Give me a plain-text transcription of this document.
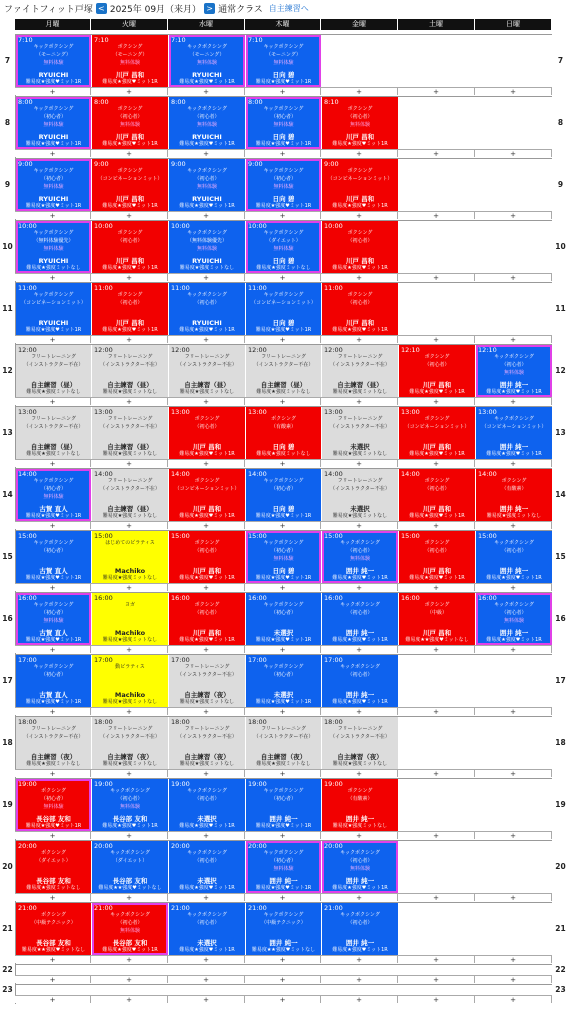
ファイトフィット戸塚 < 2025年 09月（来月） > 通常クラス 自主練習へ
月曜	火曜	水曜	木曜	金曜	土曜	日曜
7	7
7:10
キックボクシング
（モーニング）
無料体験
RYUICHI
難易度★強度♥ミット1R
+
7:10
ボクシング
（モーニング）
無料体験
川戸 昌和
難易度★強度♥ミット1R
+
7:10
キックボクシング
（モーニング）
無料体験
RYUICHI
難易度★強度♥ミット1R
+
7:10
キックボクシング
（モーニング）
無料体験
日向 碧
難易度★強度♥ミット1R
+	+	+	+
8	8
8:00
キックボクシング
（初心者）
無料体験
RYUICHI
難易度★強度♥ミット1R
+
8:00
ボクシング
（初心者）
無料体験
川戸 昌和
難易度★強度♥ミット1R
+
8:00
キックボクシング
（初心者）
無料体験
RYUICHI
難易度★強度♥ミット1R
+
8:00
キックボクシング
（初心者）
無料体験
日向 碧
難易度★強度♥ミット1R
+
8:10
ボクシング
（初心者）
無料体験
川戸 昌和
難易度★強度♥ミット1R
+	+	+
9	9
9:00
キックボクシング
（初心者）
無料体験
RYUICHI
難易度★強度♥ミット1R
+
9:00
ボクシング
（コンビネーションミット）
川戸 昌和
難易度★強度♥ミット1R
+
9:00
キックボクシング
（初心者）
無料体験
RYUICHI
難易度★強度♥ミット1R
+
9:00
キックボクシング
（初心者）
無料体験
日向 碧
難易度★強度♥ミット1R
+
9:00
ボクシング
（コンビネーションミット）
川戸 昌和
難易度★強度♥ミット1R
+	+	+
10	10
10:00
キックボクシング
（無料体験優先）
無料体験
RYUICHI
難易度★強度ミットなし
+
10:00
ボクシング
（初心者）
川戸 昌和
難易度★強度♥ミット1R
+
10:00
キックボクシング
（無料体験優先）
無料体験
RYUICHI
難易度★強度ミットなし
+
10:00
キックボクシング
（ダイエット）
無料体験
日向 碧
難易度★強度ミットなし
+
10:00
ボクシング
（初心者）
川戸 昌和
難易度★強度♥ミット1R
+	+	+
11	11
11:00
キックボクシング
（コンビネーションミット）
RYUICHI
難易度★強度♥ミット1R
+
11:00
ボクシング
（初心者）
川戸 昌和
難易度★強度♥ミット1R
+
11:00
キックボクシング
（初心者）
RYUICHI
難易度★強度♥ミット1R
+
11:00
キックボクシング
（コンビネーションミット）
日向 碧
難易度★強度♥ミット1R
+
11:00
ボクシング
（初心者）
川戸 昌和
難易度★強度♥ミット1R
+	+	+
12	12
12:00
フリートレーニング
（インストラクター不在）
自主練習（昼）
難易度★強度ミットなし
+
12:00
フリートレーニング
（インストラクター不在）
自主練習（昼）
難易度★強度ミットなし
+
12:00
フリートレーニング
（インストラクター不在）
自主練習（昼）
難易度★強度ミットなし
+
12:00
フリートレーニング
（インストラクター不在）
自主練習（昼）
難易度★強度ミットなし
+
12:00
フリートレーニング
（インストラクター不在）
自主練習（昼）
難易度★強度ミットなし
+
12:10
ボクシング
（初心者）
川戸 昌和
難易度★強度♥ミット1R
+
12:10
キックボクシング
（初心者）
無料体験
囲井 純一
難易度★強度♥ミット1R
+
13	13
13:00
フリートレーニング
（インストラクター不在）
自主練習（昼）
難易度★強度ミットなし
+
13:00
フリートレーニング
（インストラクター不在）
自主練習（昼）
難易度★強度ミットなし
+
13:00
ボクシング
（初心者）
川戸 昌和
難易度★強度♥ミット1R
+
13:00
ボクシング
（有酸素）
日向 碧
難易度★強度ミットなし
+
13:00
フリートレーニング
（インストラクター不在）
未選択
難易度★強度ミットなし
+
13:00
ボクシング
（コンビネーションミット）
川戸 昌和
難易度★強度♥ミット1R
+
13:00
キックボクシング
（コンビネーションミット）
囲井 純一
難易度★強度♥ミット1R
+
14	14
14:00
キックボクシング
（初心者）
無料体験
古賀 直人
難易度★強度♥ミット1R
+
14:00
フリートレーニング
（インストラクター不在）
自主練習（昼）
難易度★強度ミットなし
+
14:00
ボクシング
（コンビネーションミット）
川戸 昌和
難易度★強度♥ミット1R
+
14:00
キックボクシング
（初心者）
日向 碧
難易度★強度♥ミット1R
+
14:00
フリートレーニング
（インストラクター不在）
未選択
難易度★強度ミットなし
+
14:00
ボクシング
（初心者）
川戸 昌和
難易度★強度♥ミット1R
+
14:00
ボクシング
（有酸素）
囲井 純一
難易度★強度ミットなし
+
15	15
15:00
キックボクシング
（初心者）
古賀 直人
難易度★強度♥ミット1R
+
15:00
はじめてのピラティス
Machiko
難易度★強度ミットなし
+
15:00
ボクシング
（初心者）
川戸 昌和
難易度★強度♥ミット1R
+
15:00
キックボクシング
（初心者）
無料体験
日向 碧
難易度★強度♥ミット1R
+
15:00
キックボクシング
（初心者）
無料体験
囲井 純一
難易度★強度♥ミット1R
+
15:00
ボクシング
（初心者）
川戸 昌和
難易度★強度♥ミット1R
+
15:00
キックボクシング
（初心者）
囲井 純一
難易度★強度♥ミット1R
+
16	16
16:00
キックボクシング
（初心者）
無料体験
古賀 直人
難易度★強度♥ミット1R
+
16:00
ヨガ
Machiko
難易度★強度ミットなし
+
16:00
ボクシング
（初心者）
川戸 昌和
難易度★強度♥ミット1R
+
16:00
キックボクシング
（初心者）
未選択
難易度★強度♥ミット1R
+
16:00
キックボクシング
（初心者）
囲井 純一
難易度★強度♥ミット1R
+
16:00
ボクシング
（中級）
川戸 昌和
難易度★★強度♥ミットなし
+
16:00
キックボクシング
（初心者）
無料体験
囲井 純一
難易度★強度♥ミット1R
+
17	17
17:00
キックボクシング
（初心者）
古賀 直人
難易度★強度♥ミット1R
+
17:00
動ピラティス
Machiko
難易度★強度ミットなし
+
17:00
フリートレーニング
（インストラクター不在）
自主練習（夜）
難易度★強度ミットなし
+
17:00
キックボクシング
（初心者）
未選択
難易度★強度♥ミット1R
+
17:00
キックボクシング
（初心者）
囲井 純一
難易度★強度♥ミット1R
+	+	+
18	18
18:00
フリートレーニング
（インストラクター不在）
自主練習（夜）
難易度★強度ミットなし
+
18:00
フリートレーニング
（インストラクター不在）
自主練習（夜）
難易度★強度ミットなし
+
18:00
フリートレーニング
（インストラクター不在）
自主練習（夜）
難易度★強度ミットなし
+
18:00
フリートレーニング
（インストラクター不在）
自主練習（夜）
難易度★強度ミットなし
+
18:00
フリートレーニング
（インストラクター不在）
自主練習（夜）
難易度★強度ミットなし
+	+	+
19	19
19:00
ボクシング
（初心者）
無料体験
長谷部 友和
難易度★強度♥ミット1R
+
19:00
キックボクシング
（初心者）
無料体験
長谷部 友和
難易度★強度♥ミット1R
+
19:00
キックボクシング
（初心者）
未選択
難易度★強度♥ミット1R
+
19:00
キックボクシング
（初心者）
囲井 純一
難易度★強度♥ミット1R
+
19:00
ボクシング
（有酸素）
囲井 純一
難易度★強度ミットなし
+	+	+
20	20
20:00
ボクシング
（ダイエット）
長谷部 友和
難易度★強度ミットなし
+
20:00
キックボクシング
（ダイエット）
長谷部 友和
難易度★★強度♥ミットなし
+
20:00
キックボクシング
（初心者）
未選択
難易度★強度♥ミット1R
+
20:00
キックボクシング
（初心者）
無料体験
囲井 純一
難易度★強度♥ミット1R
+
20:00
キックボクシング
（初心者）
無料体験
囲井 純一
難易度★強度♥ミット1R
+	+	+
21	21
21:00
ボクシング
（中級テクニック）
長谷部 友和
難易度★★強度♥ミットなし
+
21:00
キックボクシング
（初心者）
無料体験
長谷部 友和
難易度★強度♥ミット1R
+
21:00
キックボクシング
（初心者）
未選択
難易度★強度♥ミット1R
+
21:00
キックボクシング
（中級テクニック）
囲井 純一
難易度★★強度♥ミットなし
+
21:00
キックボクシング
（初心者）
囲井 純一
難易度★強度♥ミット1R
+	+	+
22	22
+	+	+	+	+	+	+
23	23
+	+	+	+	+	+	+
